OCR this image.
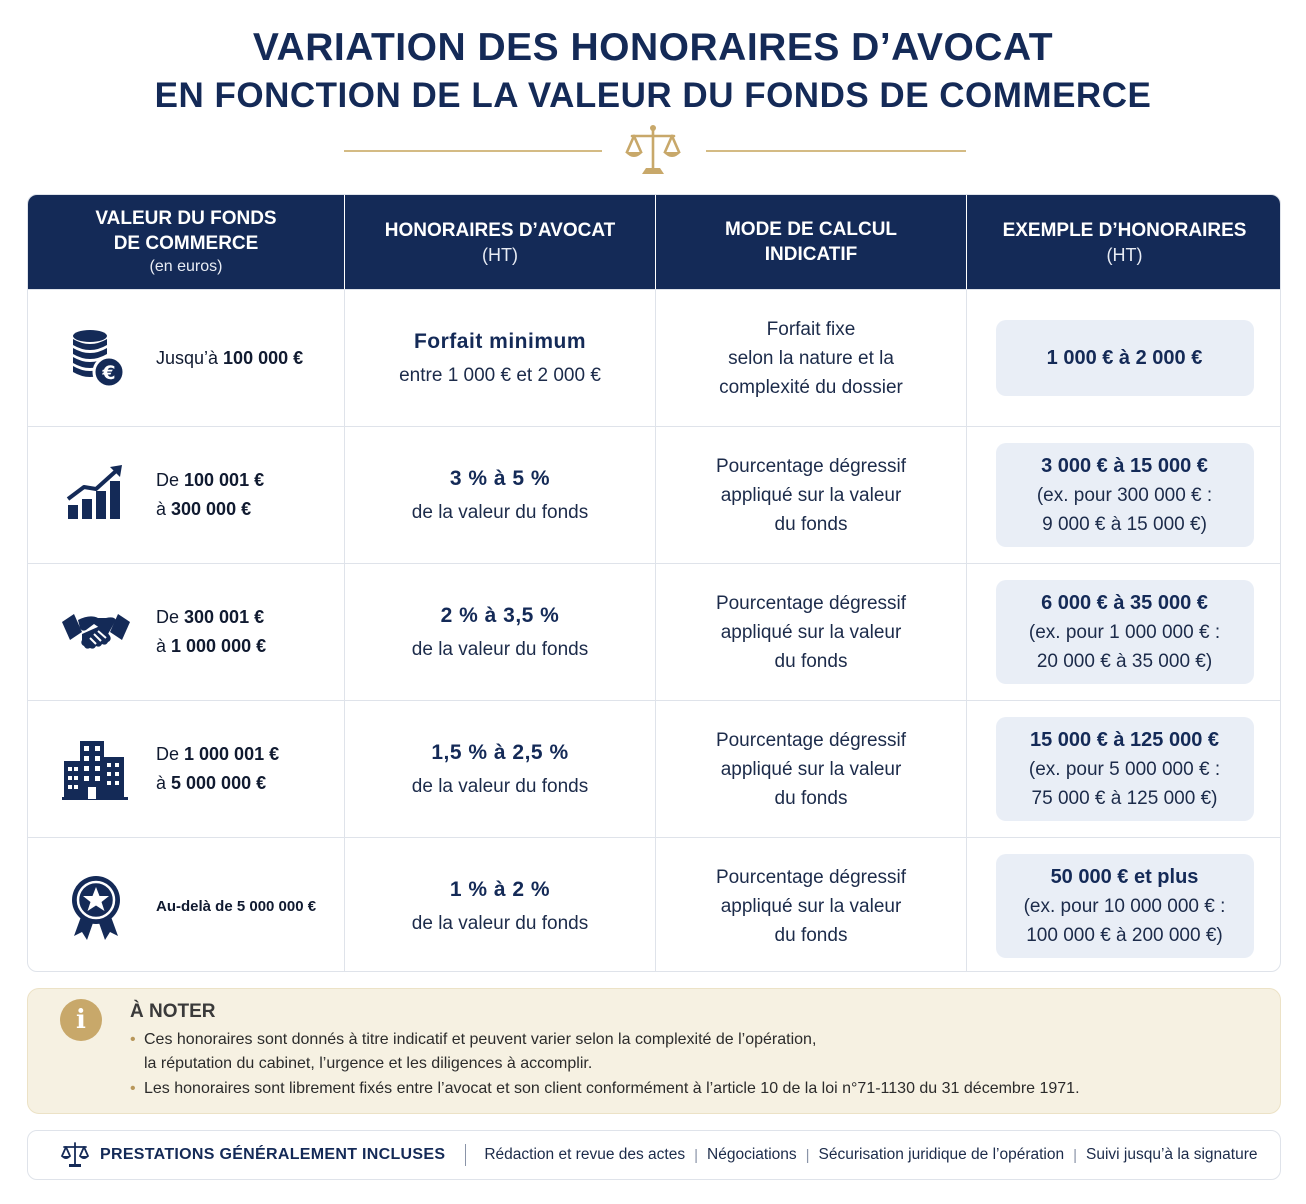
VARIATION DES HONORAIRES D’AVOCAT
EN FONCTION DE LA VALEUR DU FONDS DE COMMERCE
VALEUR DU FONDS
DE COMMERCE
(en euros)
HONORAIRES D’AVOCAT
(HT)
MODE DE CALCUL
INDICATIF
EXEMPLE D’HONORAIRES
(HT)
€
Jusqu’à 100 000 €
Forfait minimum
entre 1 000 € et 2 000 €
Forfait fixe
selon la nature et la
complexité du dossier
1 000 € à 2 000 €
De 100 001 €
à 300 000 €
3 % à 5 %
de la valeur du fonds
Pourcentage dégressif
appliqué sur la valeur
du fonds
3 000 € à 15 000 €
(ex. pour 300 000 € :
9 000 € à 15 000 €)
De 300 001 €
à 1 000 000 €
2 % à 3,5 %
de la valeur du fonds
Pourcentage dégressif
appliqué sur la valeur
du fonds
6 000 € à 35 000 €
(ex. pour 1 000 000 € :
20 000 € à 35 000 €)
De 1 000 001 €
à 5 000 000 €
1,5 % à 2,5 %
de la valeur du fonds
Pourcentage dégressif
appliqué sur la valeur
du fonds
15 000 € à 125 000 €
(ex. pour 5 000 000 € :
75 000 € à 125 000 €)
Au-delà de 5 000 000 €
1 % à 2 %
de la valeur du fonds
Pourcentage dégressif
appliqué sur la valeur
du fonds
50 000 € et plus
(ex. pour 10 000 000 € :
100 000 € à 200 000 €)
i	À NOTER
• Ces honoraires sont donnés à titre indicatif et peuvent varier selon la complexité de l’opération,
la réputation du cabinet, l’urgence et les diligences à accomplir.
• Les honoraires sont librement fixés entre l’avocat et son client conformément à l’article 10 de la loi n°71-1130 du 31 décembre 1971.
PRESTATIONS GÉNÉRALEMENT INCLUSES	Rédaction et revue des actes | Négociations | Sécurisation juridique de l’opération | Suivi jusqu’à la signature
